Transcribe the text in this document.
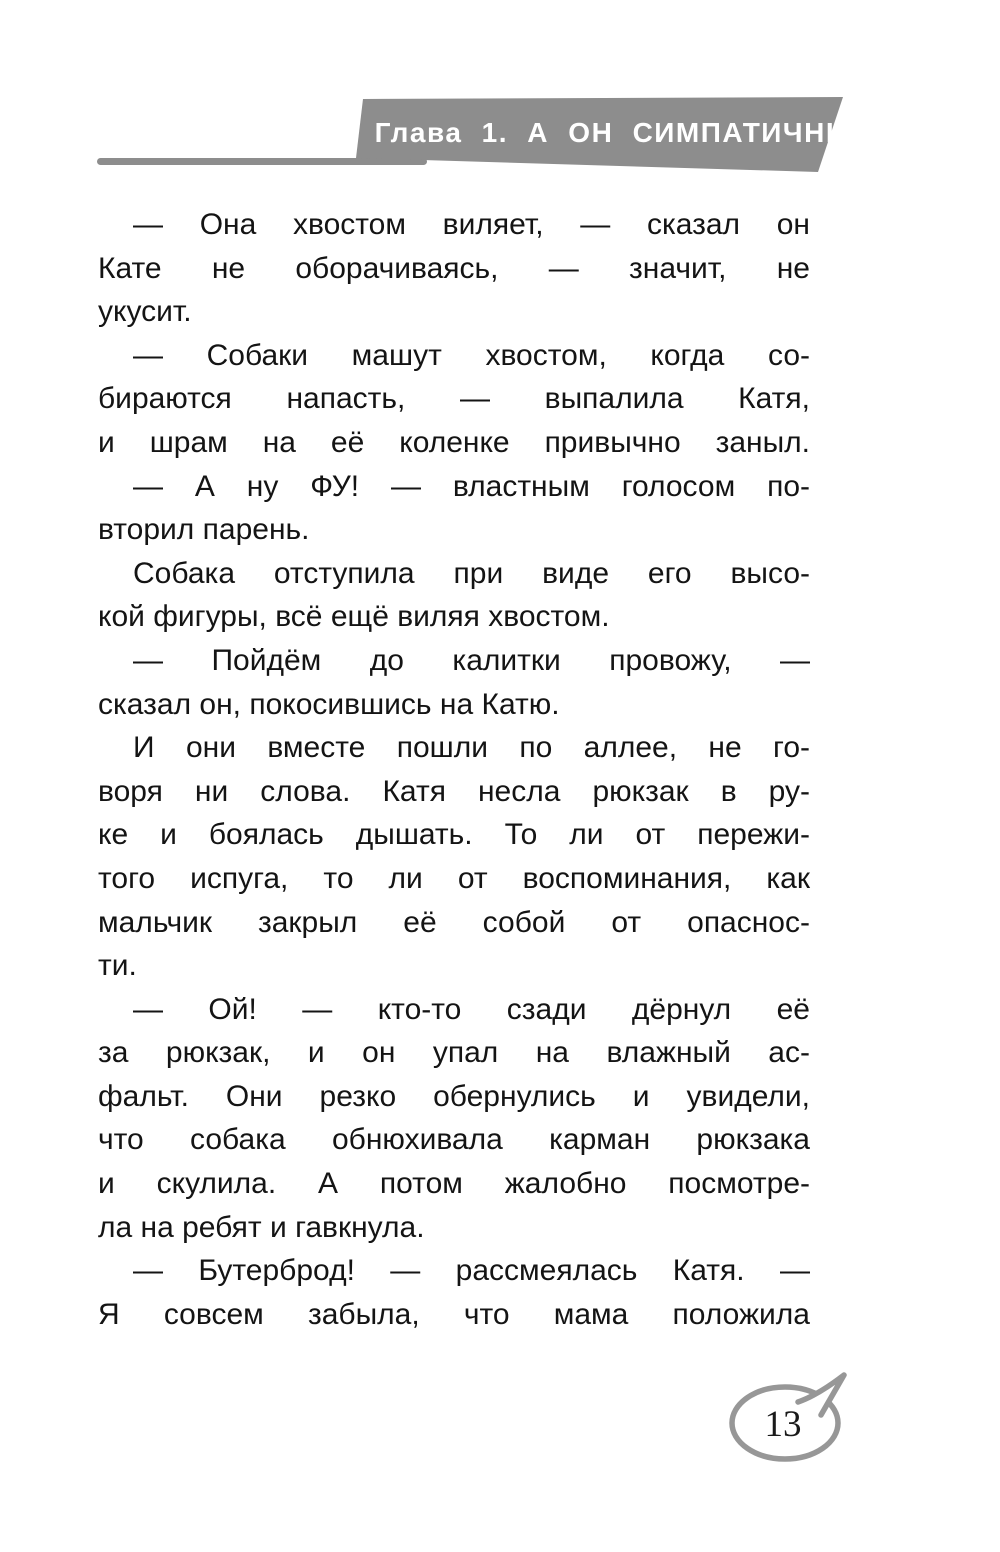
Глава 1. А ОН СИМПАТИЧНЫЙ
— Она хвостом виляет, — сказал он
Кате не оборачиваясь, — значит, не
укусит.
— Собаки машут хвостом, когда со-
бираются напасть, — выпалила Катя,
и шрам на её коленке привычно заныл.
— А ну ФУ! — властным голосом по-
вторил парень.
Собака отступила при виде его высо-
кой фигуры, всё ещё виляя хвостом.
— Пойдём до калитки провожу, —
сказал он, покосившись на Катю.
И они вместе пошли по аллее, не го-
воря ни слова. Катя несла рюкзак в ру-
ке и боялась дышать. То ли от пережи-
того испуга, то ли от воспоминания, как
мальчик закрыл её собой от опаснос-
ти.
— Ой! — кто-то сзади дёрнул её
за рюкзак, и он упал на влажный ас-
фальт. Они резко обернулись и увидели,
что собака обнюхивала карман рюкзака
и скулила. А потом жалобно посмотре-
ла на ребят и гавкнула.
— Бутерброд! — рассмеялась Катя. —
Я совсем забыла, что мама положила
13
